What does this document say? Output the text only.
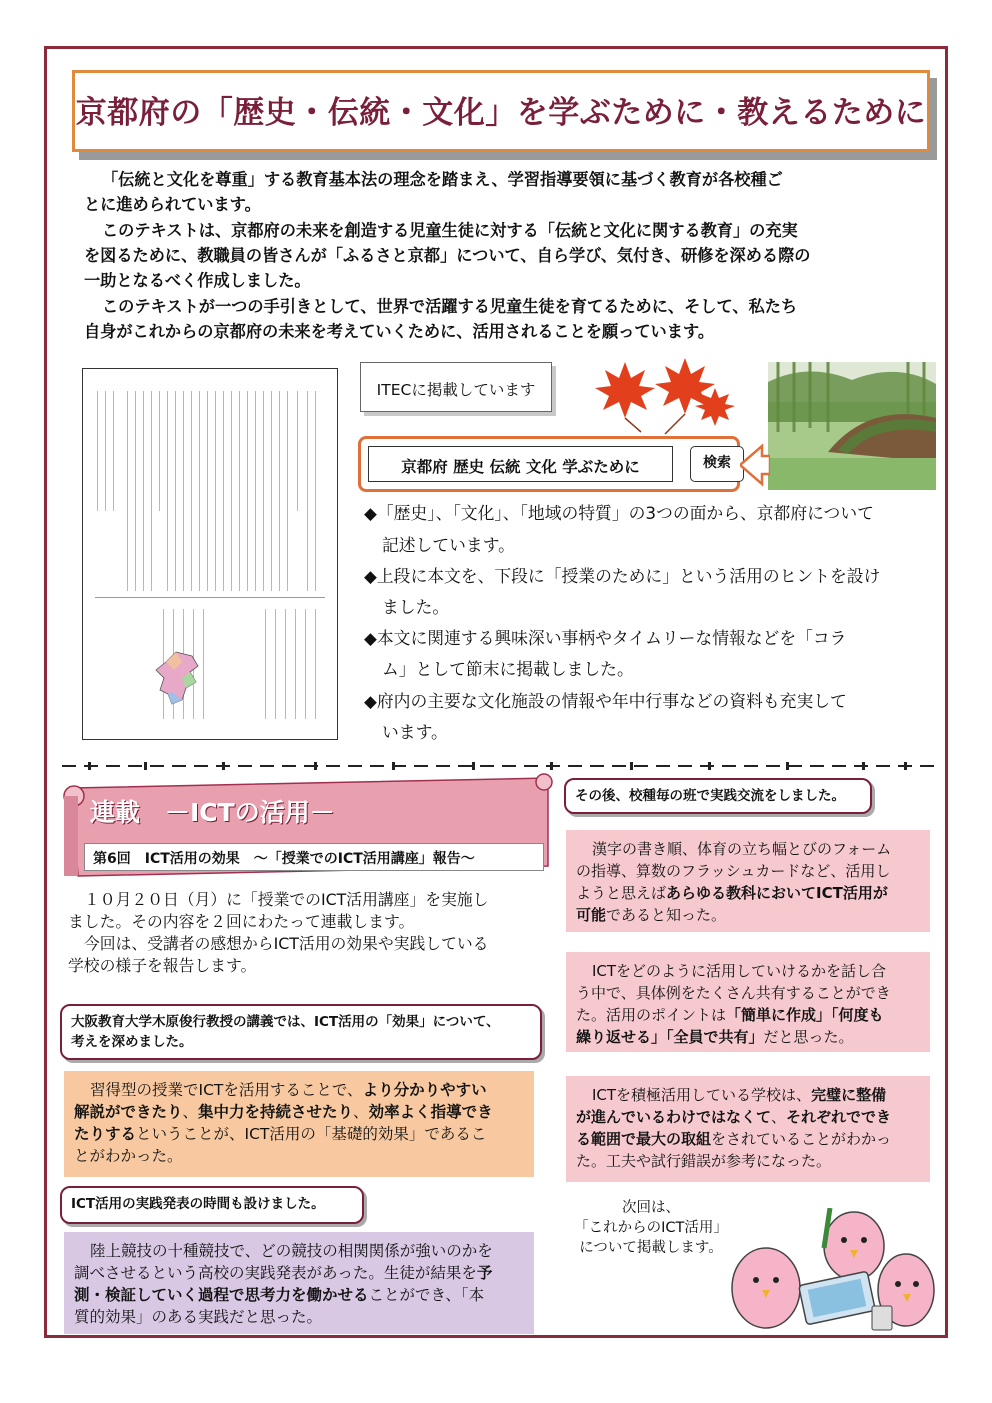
京都府の「歴史・伝統・文化」を学ぶために・教えるために
「伝統と文化を尊重」する教育基本法の理念を踏まえ、学習指導要領に基づく教育が各校種ご
とに進められています。
このテキストは、京都府の未来を創造する児童生徒に対する「伝統と文化に関する教育」の充実
を図るために、教職員の皆さんが「ふるさと京都」について、自ら学び、気付き、研修を深める際の
一助となるべく作成しました。
このテキストが一つの手引きとして、世界で活躍する児童生徒を育てるために、そして、私たち
自身がこれからの京都府の未来を考えていくために、活用されることを願っています。
ITECに掲載しています
京都府 歴史 伝統 文化 学ぶために	検索
◆「歴史」、「文化」、「地域の特質」の3つの面から、京都府について
記述しています。
◆上段に本文を、下段に「授業のために」という活用のヒントを設け
ました。
◆本文に関連する興味深い事柄やタイムリーな情報などを「コラ
ム」として節末に掲載しました。
◆府内の主要な文化施設の情報や年中行事などの資料も充実して
います。
連載　－ICTの活用－
第6回　ICT活用の効果　～「授業でのICT活用講座」報告～
１０月２０日（月）に「授業でのICT活用講座」を実施し
ました。その内容を２回にわたって連載します。
今回は、受講者の感想からICT活用の効果や実践している
学校の様子を報告します。
大阪教育大学木原俊行教授の講義では、ICT活用の「効果」について、
考えを深めました。
習得型の授業でICTを活用することで、より分かりやすい
解説ができたり、集中力を持続させたり、効率よく指導でき
たりするということが、ICT活用の「基礎的効果」であるこ
とがわかった。
ICT活用の実践発表の時間も設けました。
陸上競技の十種競技で、どの競技の相関関係が強いのかを
調べさせるという高校の実践発表があった。生徒が結果を予
測・検証していく過程で思考力を働かせることができ、「本
質的効果」のある実践だと思った。
その後、校種毎の班で実践交流をしました。
漢字の書き順、体育の立ち幅とびのフォーム
の指導、算数のフラッシュカードなど、活用し
ようと思えばあらゆる教科においてICT活用が
可能であると知った。
ICTをどのように活用していけるかを話し合
う中で、具体例をたくさん共有することができ
た。活用のポイントは「簡単に作成」「何度も
繰り返せる」「全員で共有」だと思った。
ICTを積極活用している学校は、完璧に整備
が進んでいるわけではなくて、それぞれででき
る範囲で最大の取組をされていることがわかっ
た。工夫や試行錯誤が参考になった。
次回は、
「これからのICT活用」
について掲載します。
